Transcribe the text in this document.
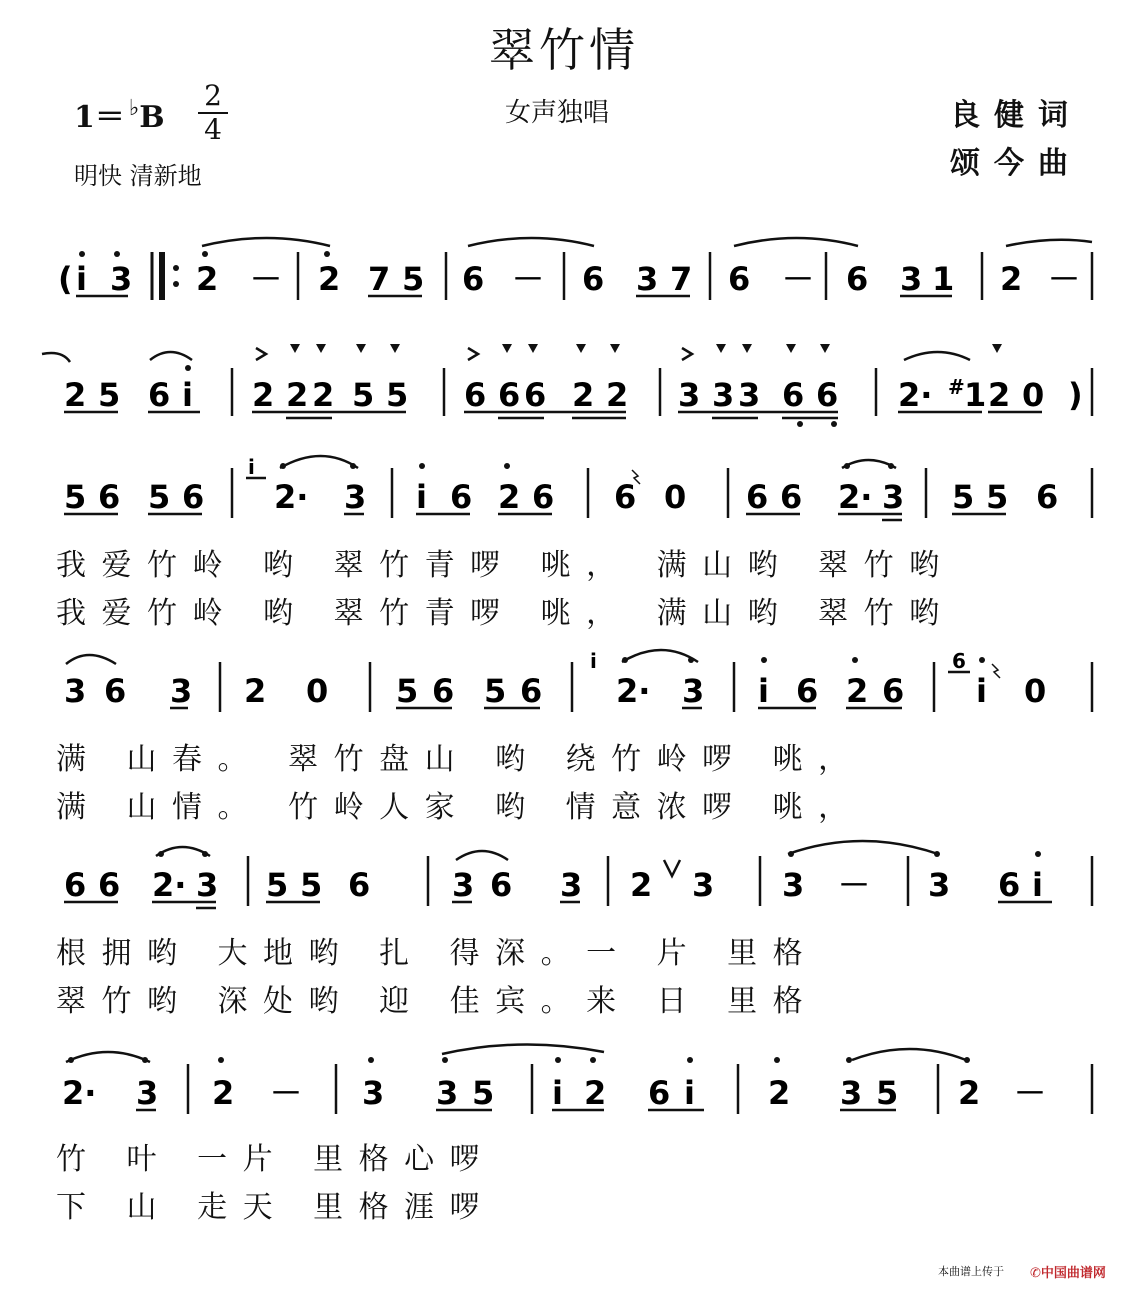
翠竹情
1＝ ♭B
2
4
明快 清新地
女声独唱	良健词
颂今曲
( i 3 2 － 2 7 5 6 － 6 3 7 6 － 6 3 1 2 －
2 5 6 i 2 2 2 5 5 6 6 6 2 2 3 3 3 6 6 2· # 1 2 0 )
5 6 5 6
i
2· 3 i 6 2 6 6 0 6 6 2· 3 5 5 6
我爱竹岭 哟 翠竹青啰 咷， 满山哟 翠竹哟
我爱竹岭 哟 翠竹青啰 咷， 满山哟 翠竹哟
3 6 3 2 0 5 6 5 6
i
2· 3 i 6 2 6
6
i 0
满 山春。 翠竹盘山 哟 绕竹岭啰 咷，
满 山情。 竹岭人家 哟 情意浓啰 咷，
6 6 2· 3 5 5 6	3 6 3 2 3 3 － 3 6 i
根拥哟 大地哟 扎 得深。一 片 里格
翠竹哟 深处哟 迎 佳宾。来 日 里格
2· 3 2 － 3 3 5 i 2 6 i 2 3 5 2 －
竹 叶 一片 里格心啰
下 山 走天 里格涯啰
本曲谱上传于 ✆中国曲谱网
